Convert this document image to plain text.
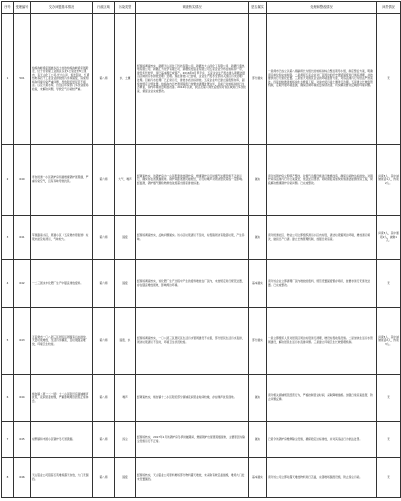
序号	受理编号	交办问题基本情况	行政区域	污染类型	调查核实情况	是否属实	处理和整改情况	问责情况
1	501	柏杨沟畔梁家园族乡四十村的柏杨沟畔梁家园附近，位于甘泉煤工业园区以北1公里处约5公里内，有天山化工公司,光大山河，恒发铝业，红盾热电等若干工业企业排放的污水和固废，造成柏杨沟环境污染严重问题，导致附近居民苦不堪言。以及大黄水库，自治区环保部门多次到现场检查，未解决问题，导致空气污染较严重。	第八师	水、土壤	经现场调查核实，新疆天山河化工科技有限公司、新疆光大山河化工有限公司、新疆红盾热电有限公司、新疆汇力化学有限公司、新疆恒发铝业有限公司五家企业分布在柏杨沟一带，建设年代较早，现已基本搬迁或停产。2016年6月甲辛乡，五家企业生产废水排入新疆北塔山区域的污水排放处理厂处理。现在排放口已封堵，企业生产废水全部进入园区污水处理厂处理。目前污水处理厂已正常运行，排放水质达标排放。五家企业均已建立固废暂存库，固废按规定合规处置。柏杨沟内历史遗留固废已按要求清理处置完毕，目前已对柏杨沟进行生态修复，沟内环境质量明显改善。2014年以来，我区及第八师先后组织对该区域进行多次检查，督促企业完成整改。	部分属实	一是师市已成立以第八师副师长为组长的柏杨沟综合整治领导小组，制定整治方案，明确责任单位和完成时限。二是督促五家企业对厂区周边的历史遗留固废进行彻底清理，并按要求进行无害化处置。三是加大对园区企业的环境监管力度，对违法排污行为依法严肃查处。四是加快推进柏杨沟生态修复工程，对沟内受污染土壤进行治理。五是建立长效监管机制，定期开展环境监测，确保区域环境质量持续改善，切实解决群众反映的环境问题。	无
2	640	奇台街道一小区锅炉房所属燃煤锅炉冒黑烟，严重污染空气，且有异味导致扰民。	第六师	大气、噪声	经调查核实，该锅炉房为一小区配套供热锅炉房，燃煤锅炉运行时烟气处理设施不正常运行，确实存在冒黑烟现象。锅炉房距离居民楼较近，运行时噪声对周边居民造成一定影响。经监测，锅炉烟气颗粒物排放浓度超出国家排放标准。	属实	责令该锅炉房立即停产整改，对烟气治理设施进行维修改造，确保污染物达标排放。对锅炉房违法排污行为立案查处，依法处以罚款。同时督促其加快实施清洁能源改造工程，彻底解决燃煤锅炉污染问题。已完成整改。	问责3人，其中诫勉谈话1人，约谈2人。
3	641	军垦路南小区，原属小区（五家渠市原街道）垃圾未能及时清运，气味较大。	第六师	固废	经现场调查核实，反映问题属实。该小区垃圾清运不及时，垃圾箱周边有散落垃圾，产生异味。	属实	责令街道社区、物业公司立即组织清运小区内垃圾，清洁垃圾箱周边环境，增加清运频次，做到日产日清。建立长效管理机制，加强日常巡查。	问责3人，其中通报2人，诫勉1人。
4	642	一二三团永丰化肥厂生产中随意排放废料。	第六师	固废	经现场调查核实，该化肥厂生产过程中产生的废料堆放在厂区内，未按规定进行规范处置，存在随意堆放现象，影响周边环境。	基本属实	责令该企业立即清理厂区内堆放的废料，规范设置固废暂存场所，按要求进行无害化处置。已完成整改。	无
5	643	五家渠市一〇八团三区居民区周围有污水排放，大量垃圾堆放，生活污水横流，且垃圾随意堆放，环境卫生较差。	第六师	固废、水	经现场调查核实，一〇八团三区居民区生活污水管网建设不完善，部分居民生活污水直排，周边垃圾清运不及时，环境卫生状况较差。	部分属实	一是立即组织人员对居民区周边垃圾进行清理，增设垃圾收集设施。二是加快生活污水管网建设，解决居民生活污水直排问题。三是建立环境卫生长效管理机制。	问责5人，其中诫勉谈话2人，约谈3人。
6	644	炮台镇（原一二一团）十二小区附近有商铺噪声扰民，夜间营业较晚，严重影响周边居民正常休息。	第八师	噪声	经调查核实，炮台镇十二小区附近部分商铺夜间营业时间较晚，存在噪声扰民现象。	属实	责令相关商铺规范经营行为，严格控制营业时间，采取降噪措施。加强日常巡查监管，防止问题反弹。	无
7	645	东野镇和丰园小区锅炉冬天冒黑烟。	第八师	扬尘	经现场核实，2017年1月该锅炉房冬季供暖期间，燃煤锅炉出现冒黑烟现象，主要原因为除尘设施运行不正常。	属实	已责令该锅炉房维修除尘设施，确保稳定达标排放，并对其违法行为依法处罚。	无
8	646	天山铝业公司铝锭石英堆场露天存放，大门无围挡。	第八师	固废	经现场核实，天山铝业公司原料堆场部分物料露天堆放，未采取有效苫盖措施，堆场大门处未设置围挡。	基本属实	责令该公司立即对露天堆放物料进行苫盖，完善堆场围挡设施，防止扬尘污染。	无
